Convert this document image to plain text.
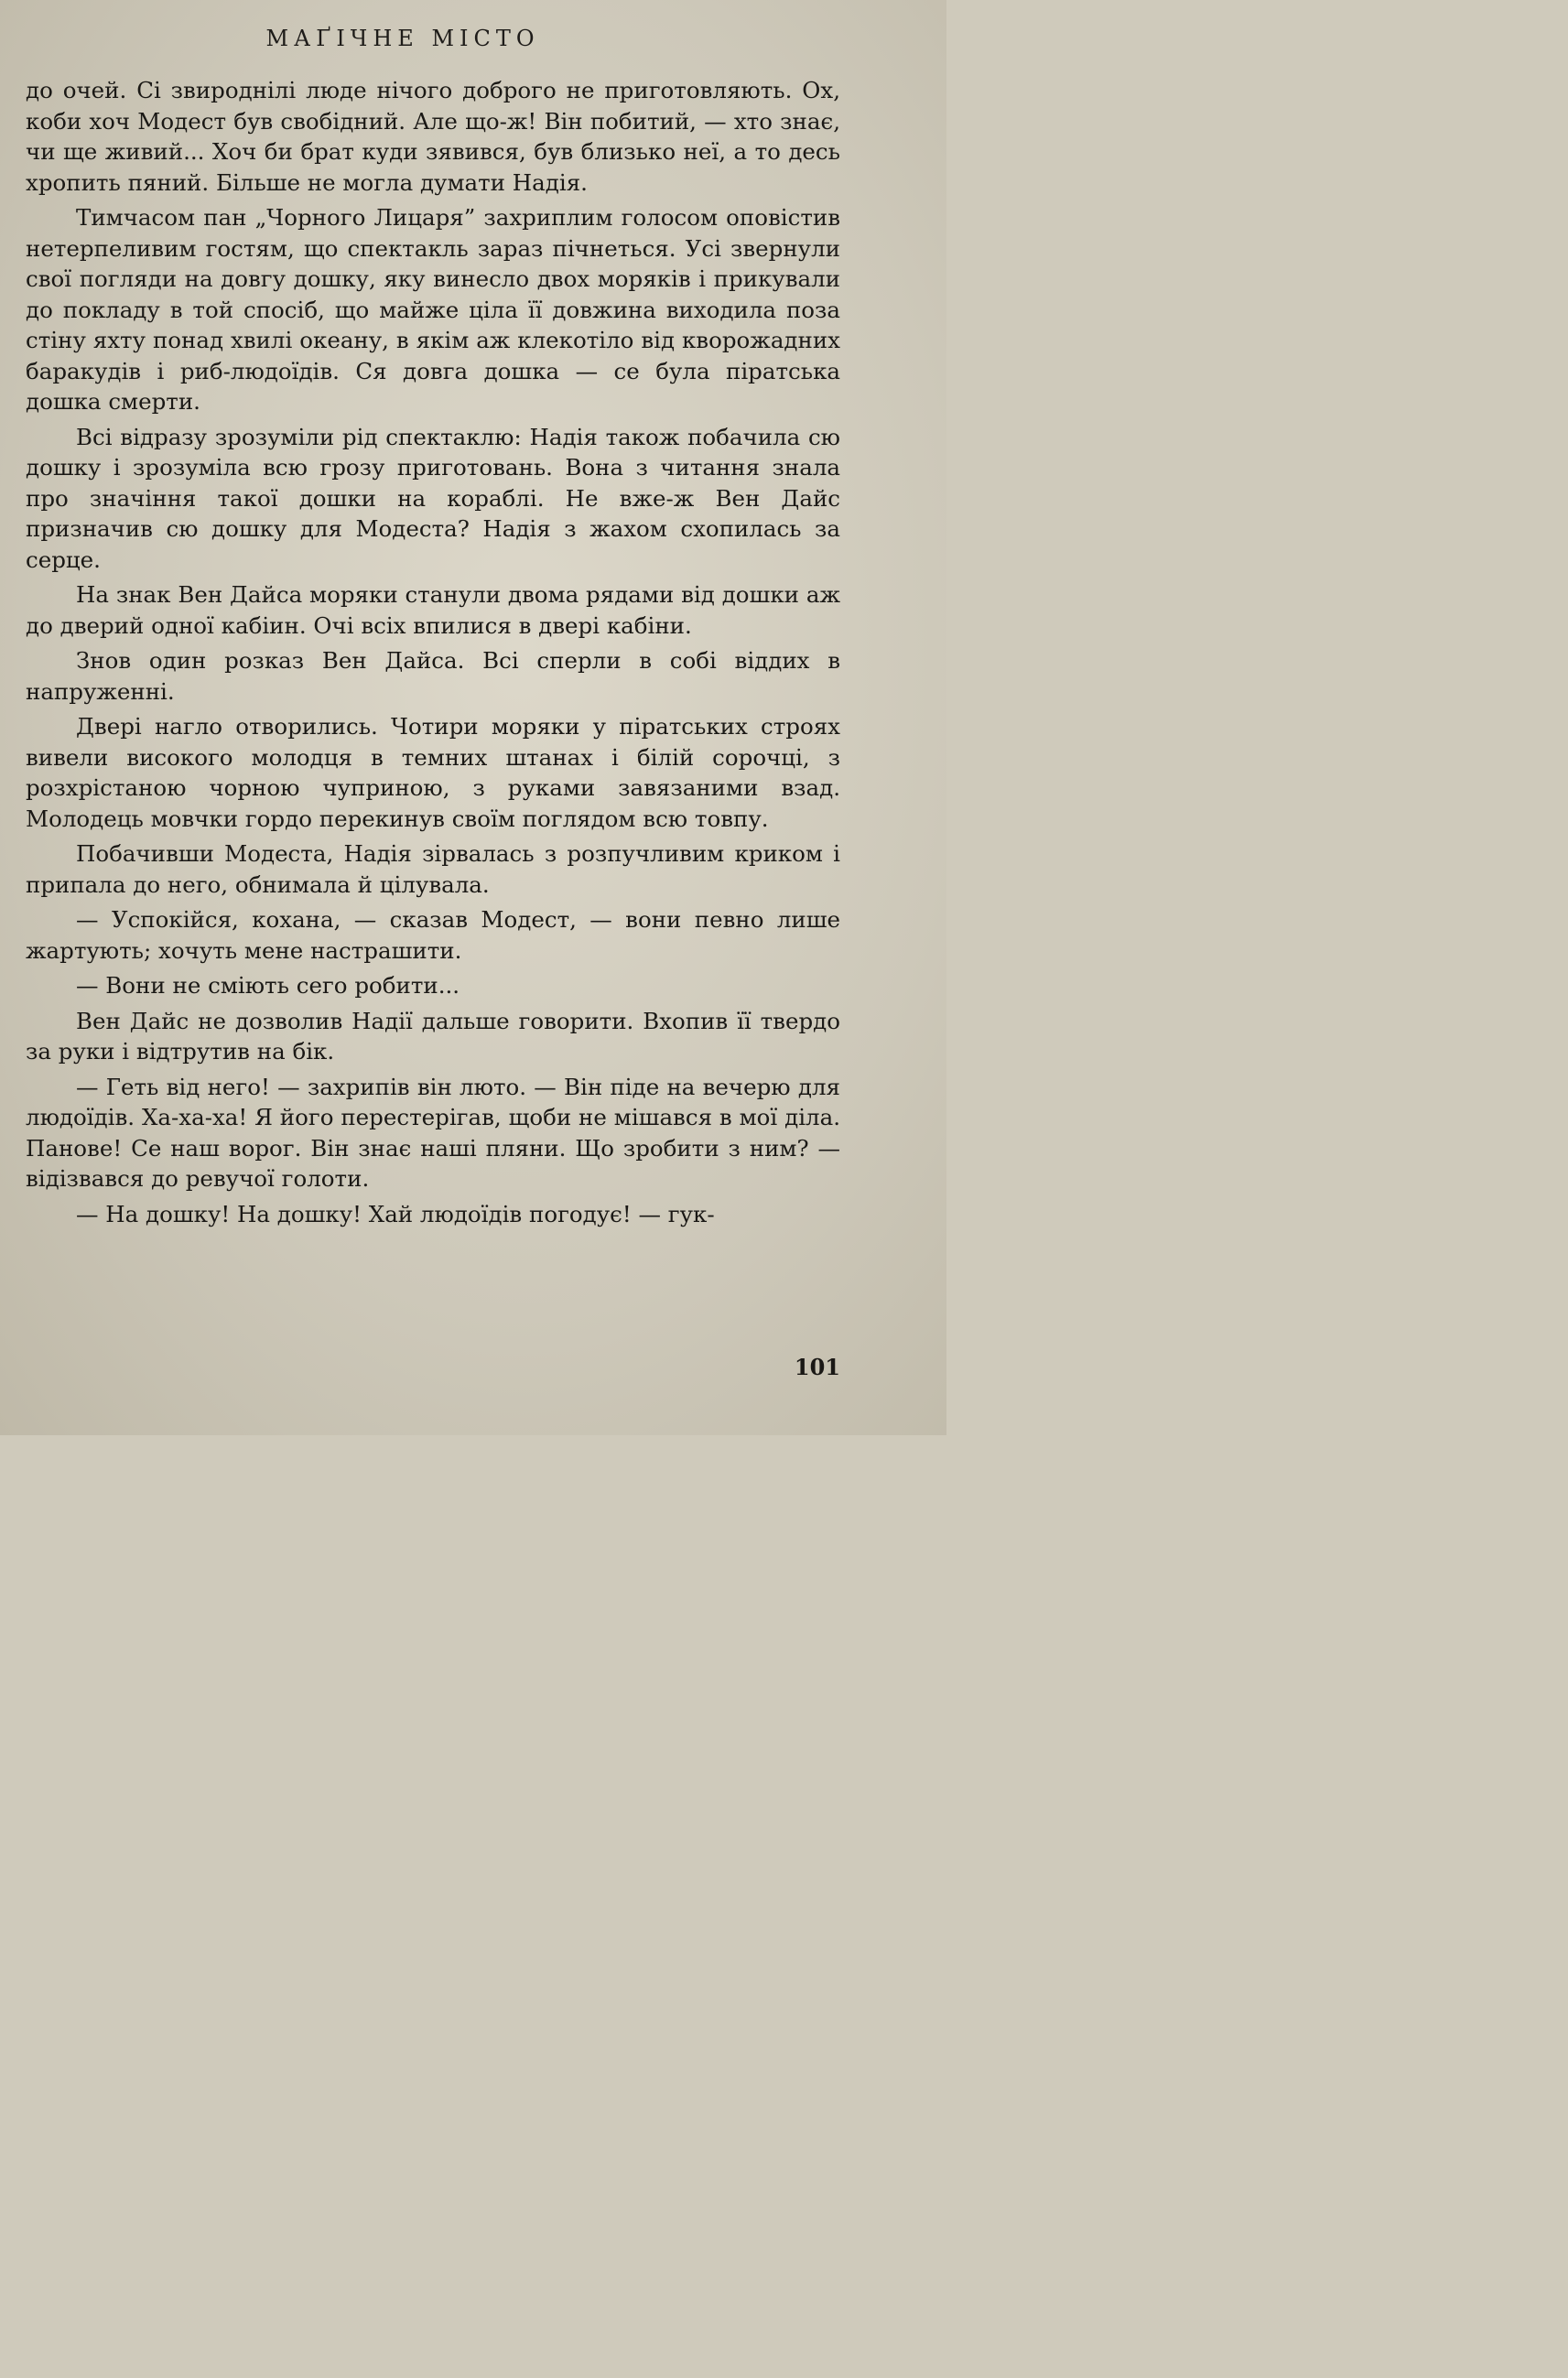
МАҐІЧНЕ МІСТО

до очей. Сі звироднілі люде нічого доброго не приготовляють. Ох, коби хоч Модест був свобідний. Але що-ж! Він побитий, — хто знає, чи ще живий... Хоч би брат куди зявився, був близько неї, а то десь хропить пяний. Більше не могла думати Надія.

Тимчасом пан „Чорного Лицаря” захриплим голосом оповістив нетерпеливим гостям, що спектакль зараз пічнеться. Усі звернули свої погляди на довгу дошку, яку винесло двох моряків і прикували до покладу в той спосіб, що майже ціла її довжина виходила поза стіну яхту понад хвилі океану, в якім аж клекотіло від кворожадних баракудів і риб-людоїдів. Ся довга дошка — се була піратська дошка смерти.

Всі відразу зрозуміли рід спектаклю: Надія також побачила сю дошку і зрозуміла всю грозу приготовань. Вона з читання знала про значіння такої дошки на кораблі. Не вже-ж Вен Дайс призначив сю дошку для Модеста? Надія з жахом схопилась за серце.

На знак Вен Дайса моряки станули двома рядами від дошки аж до дверий одної кабіин. Очі всіх впилися в двері кабіни.

Знов один розказ Вен Дайса. Всі сперли в собі віддих в напруженні.

Двері нагло отворились. Чотири моряки у піратських строях вивели високого молодця в темних штанах і білій сорочці, з розхрістаною чорною чуприною, з руками завязаними взад. Молодець мовчки гордо перекинув своїм поглядом всю товпу.

Побачивши Модеста, Надія зірвалась з розпучливим криком і припала до него, обнимала й цілувала.

— Успокійся, кохана, — сказав Модест, — вони певно лише жартують; хочуть мене настрашити.

— Вони не сміють сего робити...

Вен Дайс не дозволив Надії дальше говорити. Вхопив її твердо за руки і відтрутив на бік.

— Геть від него! — захрипів він люто. — Він піде на вечерю для людоїдів. Ха-ха-ха! Я його перестерігав, щоби не мішався в мої діла. Панове! Се наш ворог. Він знає наші пляни. Що зробити з ним? — відізвався до ревучої голоти.

— На дошку! На дошку! Хай людоїдів погодує! — гук-

101
